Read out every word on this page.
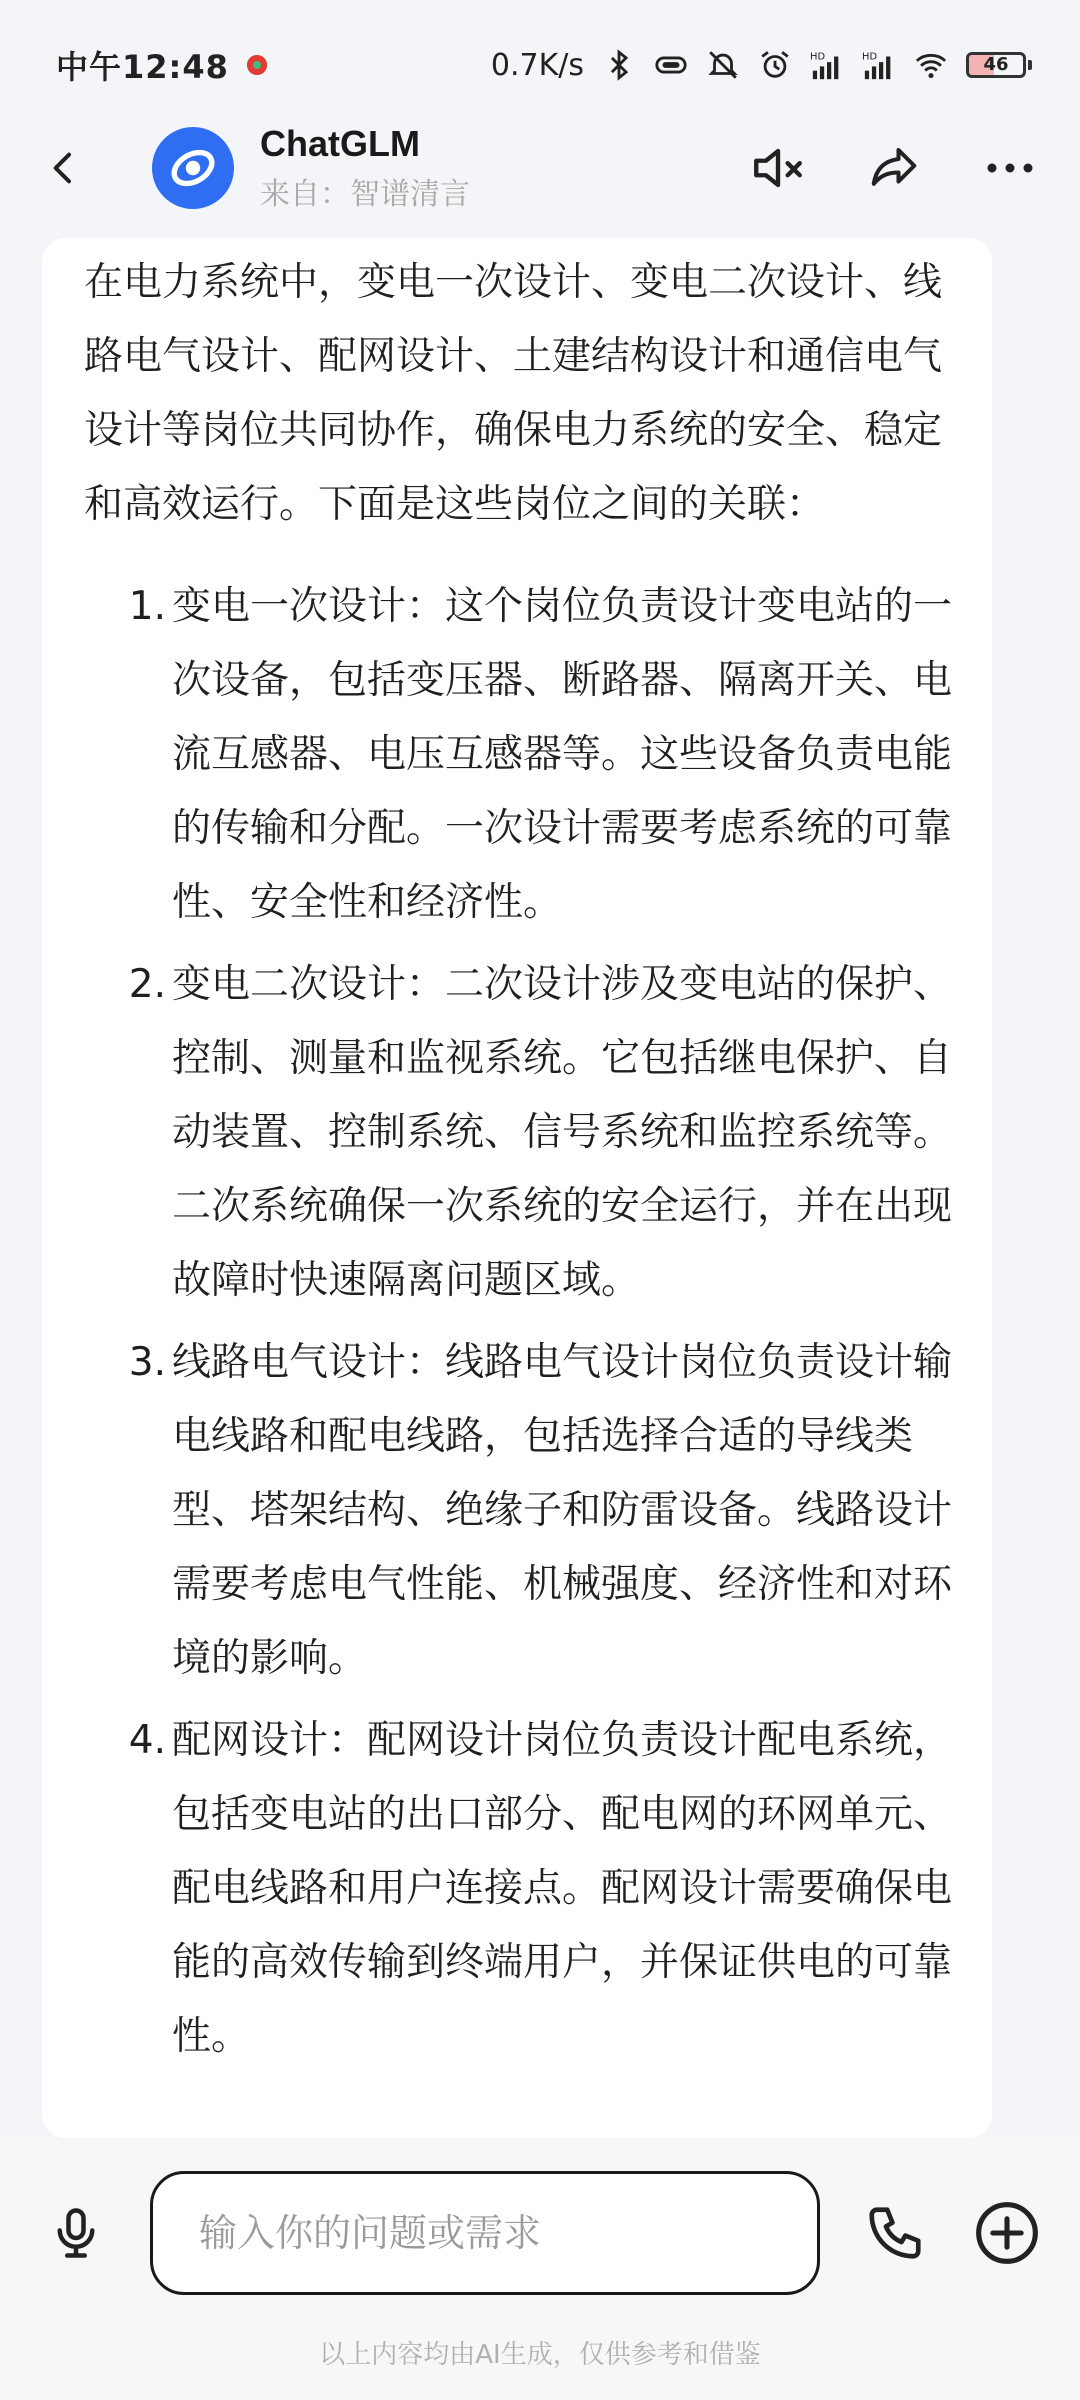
中午12:48	0.7K/s	HD	HD	46
ChatGLM
来自：智谱清言

在电力系统中，变电一次设计、变电二次设计、线路电气设计、配网设计、土建结构设计和通信电气设计等岗位共同协作，确保电力系统的安全、稳定和高效运行。下面是这些岗位之间的关联：

1. 变电一次设计：这个岗位负责设计变电站的一次设备，包括变压器、断路器、隔离开关、电流互感器、电压互感器等。这些设备负责电能的传输和分配。一次设计需要考虑系统的可靠性、安全性和经济性。
2. 变电二次设计：二次设计涉及变电站的保护、控制、测量和监视系统。它包括继电保护、自动装置、控制系统、信号系统和监控系统等。二次系统确保一次系统的安全运行，并在出现故障时快速隔离问题区域。
3. 线路电气设计：线路电气设计岗位负责设计输电线路和配电线路，包括选择合适的导线类型、塔架结构、绝缘子和防雷设备。线路设计需要考虑电气性能、机械强度、经济性和对环境的影响。
4. 配网设计：配网设计岗位负责设计配电系统，包括变电站的出口部分、配电网的环网单元、配电线路和用户连接点。配网设计需要确保电能的高效传输到终端用户，并保证供电的可靠性。
输入你的问题或需求
以上内容均由AI生成，仅供参考和借鉴
